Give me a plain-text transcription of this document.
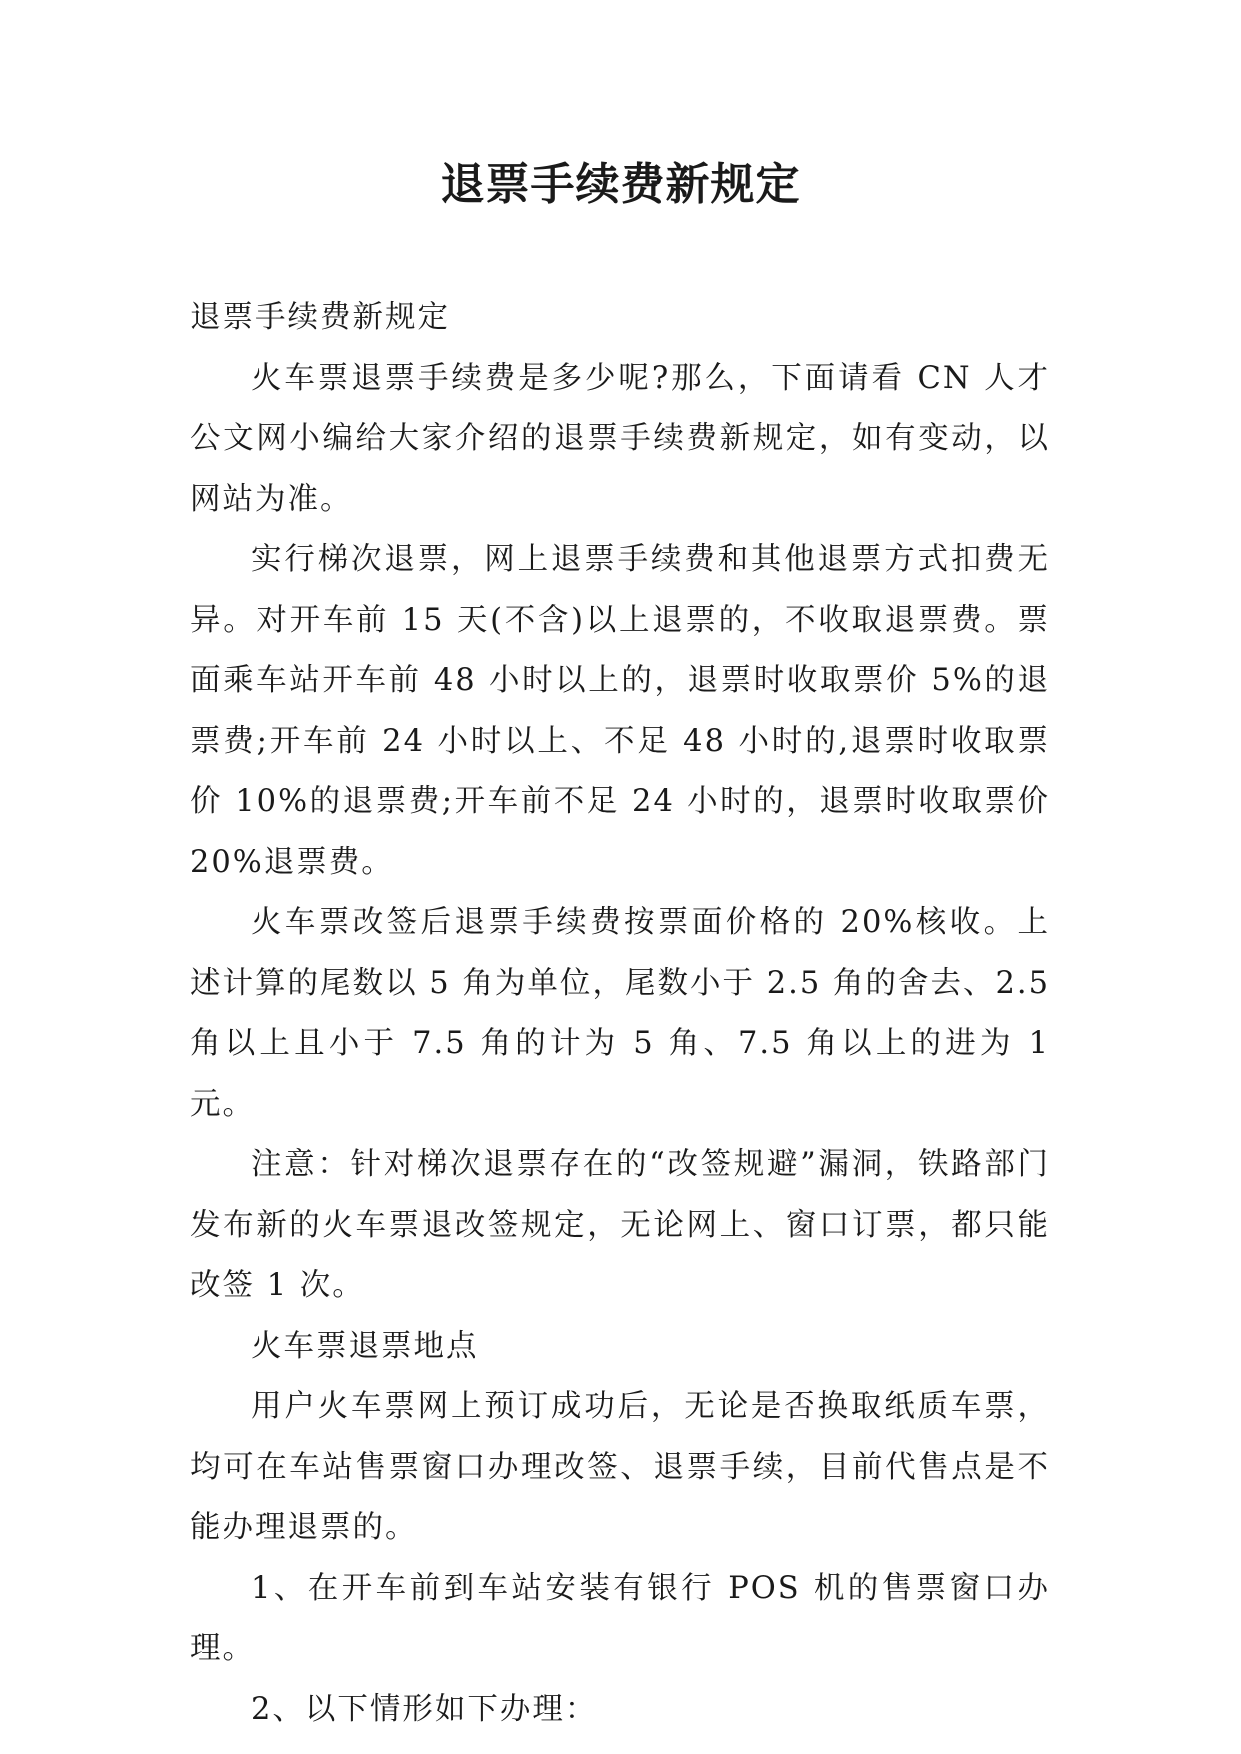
退票手续费新规定

退票手续费新规定

火车票退票手续费是多少呢?那么，下面请看 CN 人才公文网小编给大家介绍的退票手续费新规定，如有变动，以网站为准。

实行梯次退票，网上退票手续费和其他退票方式扣费无异。对开车前 15 天(不含)以上退票的，不收取退票费。票面乘车站开车前 48 小时以上的，退票时收取票价 5%的退票费;开车前 24 小时以上、不足 48 小时的,退票时收取票价 10%的退票费;开车前不足 24 小时的，退票时收取票价 20%退票费。

火车票改签后退票手续费按票面价格的 20%核收。上述计算的尾数以 5 角为单位，尾数小于 2.5 角的舍去、2.5 角以上且小于 7.5 角的计为 5 角、7.5 角以上的进为 1 元。

注意：针对梯次退票存在的“改签规避”漏洞，铁路部门发布新的火车票退改签规定，无论网上、窗口订票，都只能改签 1 次。

火车票退票地点

用户火车票网上预订成功后，无论是否换取纸质车票，均可在车站售票窗口办理改签、退票手续，目前代售点是不能办理退票的。

1、在开车前到车站安装有银行 POS 机的售票窗口办理。

2、以下情形如下办理：
